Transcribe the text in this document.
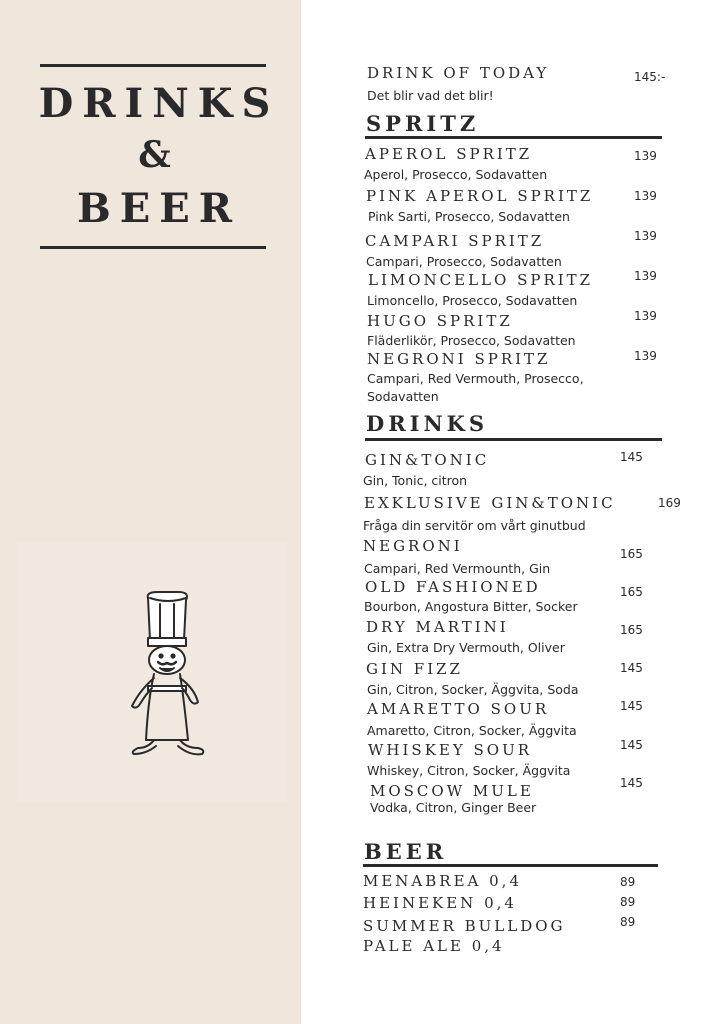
DRINKS
&
BEER
DRINK OF TODAY	145:-
Det blir vad det blir!
SPRITZ
APEROL SPRITZ	139
Aperol, Prosecco, Sodavatten
PINK APEROL SPRITZ	139
Pink Sarti, Prosecco, Sodavatten
CAMPARI SPRITZ	139
Campari, Prosecco, Sodavatten
LIMONCELLO SPRITZ	139
Limoncello, Prosecco, Sodavatten
HUGO SPRITZ	139
Fläderlikör, Prosecco, Sodavatten
NEGRONI SPRITZ	139
Campari, Red Vermouth, Prosecco,
Sodavatten
DRINKS
GIN&TONIC	145
Gin, Tonic, citron
EXKLUSIVE GIN&TONIC	169
Fråga din servitör om vårt ginutbud
NEGRONI	165
Campari, Red Vermounth, Gin
OLD FASHIONED	165
Bourbon, Angostura Bitter, Socker
DRY MARTINI	165
Gin, Extra Dry Vermouth, Oliver
GIN FIZZ	145
Gin, Citron, Socker, Äggvita, Soda
AMARETTO SOUR	145
Amaretto, Citron, Socker, Äggvita
WHISKEY SOUR	145
Whiskey, Citron, Socker, Äggvita
MOSCOW MULE	145
Vodka, Citron, Ginger Beer
BEER
MENABREA 0,4	89
HEINEKEN 0,4	89
SUMMER BULLDOG
PALE ALE 0,4
89
